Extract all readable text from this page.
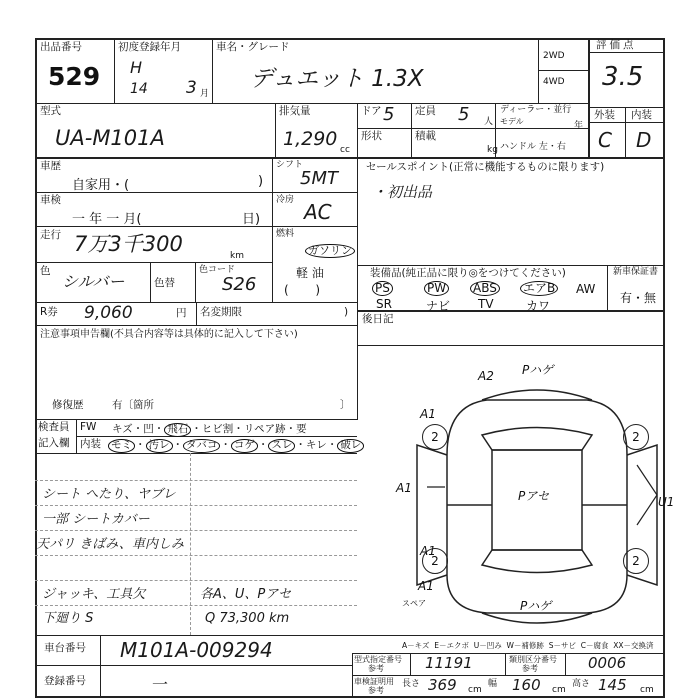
出品番号
529
初度登録年月
H
14 3 月
車名・グレード
デュエット 1.3X
2WD
4WD
評価点
3.5
型式
UA-M101A
排気量
1,290 cc
ドア 5 定員 5 人
ディーラー・並行
モデル	年
形状	積載
kg ハンドル 左・右
外装 内装
C D
車歴
自家用・(	)
車検
一 年 一 月(	日)
走行 7万3千300	km
色
シルバー	色替
色コード
S26
シフト
5MT
冷房 AC
燃料
ガソリン
軽 油
(       )
R券 9,060	円 名変期限	)
注意事項申告欄(不具合内容等は具体的に記入して下さい)
修復歴	有〔箇所	〕
検査員
記入欄
FW
内装
キズ・凹・ 飛石 ・ヒビ割・リペア跡・要
モミ ・ 汚レ ・ タバコ ・ コゲ ・ スレ ・キレ・ 破レ
シート へたり、ヤブレ
一部 シートカバー
天パリ きばみ、車内しみ
ジャッキ、工具欠
下廻り S
各A、U、Pアセ
Q 73,300 km
セールスポイント(正常に機能するものに限ります)
・初出品
装備品(純正品に限り◎をつけてください)
PS	PW ABS エアB AW
SR	ナビ TV	カワ
新車保証書
有・無
後日記
A2 Pハゲ
A1
2	2
A1
Pアセ	U1
A1
2	2
A1
Pハゲ
スペア
A－キズ  E－エクボ  U－凹み  W－補修跡  S－サビ  C－腐食  XX－交換済
車台番号 M101A-009294
登録番号	一
型式指定番号
参考	11191	類別区分番号
参考	0006
車検証明用
参考
長さ 369 cm
幅 160 cm
高さ 145 cm
